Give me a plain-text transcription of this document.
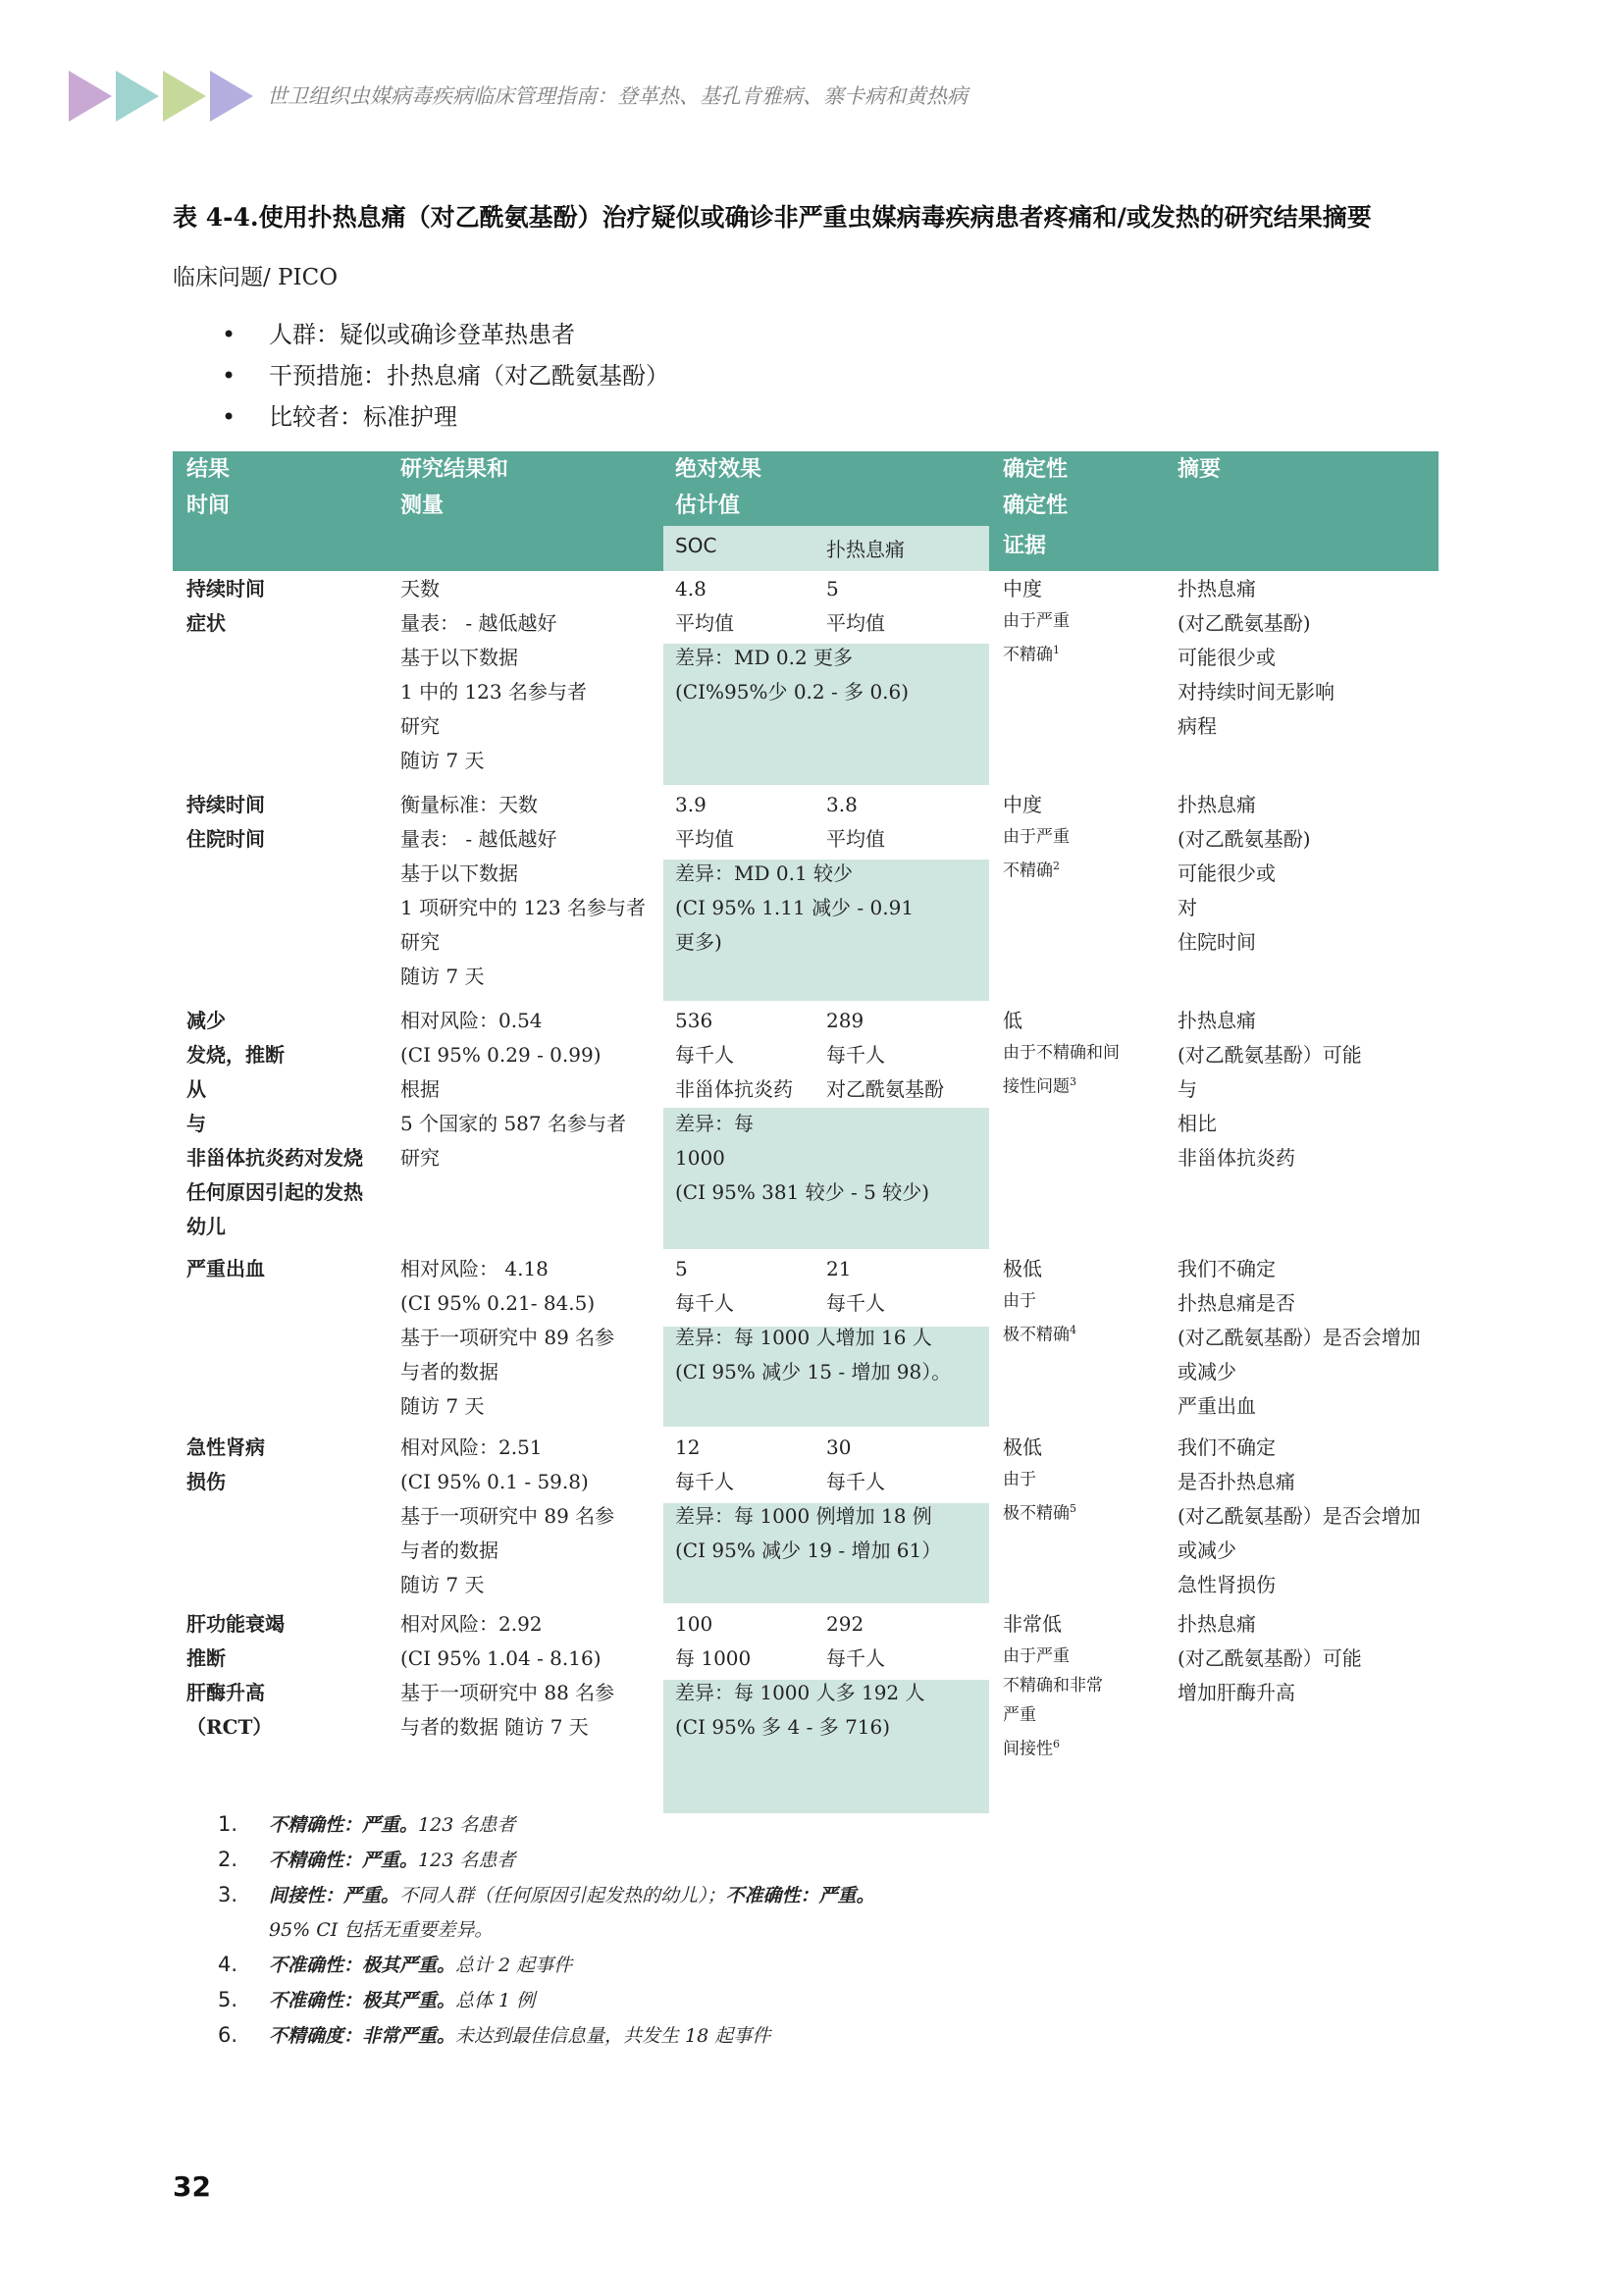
世卫组织虫媒病毒疾病临床管理指南：登革热、基孔肯雅病、寨卡病和黄热病
表 4-4.使用扑热息痛（对乙酰氨基酚）治疗疑似或确诊非严重虫媒病毒疾病患者疼痛和/或发热的研究结果摘要
临床问题/ PICO
• 人群：疑似或确诊登革热患者
• 干预措施：扑热息痛（对乙酰氨基酚）
• 比较者：标准护理
结果
时间
研究结果和
测量
绝对效果
估计值
确定性
确定性
证据
摘要
SOC	扑热息痛
持续时间
症状
天数
量表： - 越低越好
基于以下数据
1 中的 123 名参与者
研究
随访 7 天
扑热息痛
(对乙酰氨基酚)
可能很少或
对持续时间无影响
病程
4.8
平均值
差异：MD 0.2 更多
(CI%95%少 0.2 - 多 0.6)
5
平均值
中度
由于严重
不精确$^1$
持续时间
住院时间
衡量标准：天数
量表： - 越低越好
基于以下数据
1 项研究中的 123 名参与者
研究
随访 7 天
扑热息痛
(对乙酰氨基酚)
可能很少或
对
住院时间
3.9
平均值
差异：MD 0.1 较少
(CI 95% 1.11 减少 - 0.91
更多)
3.8
平均值
中度
由于严重
不精确$^2$
减少
发烧，推断
从
与
非甾体抗炎药对发烧
任何原因引起的发热
幼儿
相对风险：0.54
(CI 95% 0.29 - 0.99)
根据
5 个国家的 587 名参与者
研究
扑热息痛
(对乙酰氨基酚）可能
与
相比
非甾体抗炎药
536
每千人
非甾体抗炎药
差异：每
1000
(CI 95% 381 较少 - 5 较少)
289
每千人
对乙酰氨基酚
低
由于不精确和间
接性问题$^3$
严重出血	相对风险： 4.18
(CI 95% 0.21- 84.5)
基于一项研究中 89 名参
与者的数据
随访 7 天
我们不确定
扑热息痛是否
(对乙酰氨基酚）是否会增加
或减少
严重出血
5
每千人
差异：每 1000 人增加 16 人
(CI 95% 减少 15 - 增加 98）。
21
每千人
极低
由于
极不精确$^4$
急性肾病
损伤
相对风险：2.51
(CI 95% 0.1 - 59.8)
基于一项研究中 89 名参
与者的数据
随访 7 天
我们不确定
是否扑热息痛
(对乙酰氨基酚）是否会增加
或减少
急性肾损伤
12
每千人
差异：每 1000 例增加 18 例
(CI 95% 减少 19 - 增加 61）
30
每千人
极低
由于
极不精确$^5$
肝功能衰竭
推断
肝酶升高
（RCT）
相对风险：2.92
(CI 95% 1.04 - 8.16)
基于一项研究中 88 名参
与者的数据 随访 7 天
扑热息痛
(对乙酰氨基酚）可能
增加肝酶升高
100
每 1000
差异：每 1000 人多 192 人
(CI 95% 多 4 - 多 716)
292
每千人
非常低
由于严重
不精确和非常
严重
间接性$^6$
1. 不精确性：严重。123 名患者
2. 不精确性：严重。123 名患者
3. 间接性：严重。不同人群（任何原因引起发热的幼儿）；不准确性：严重。
95% CI 包括无重要差异。
4. 不准确性：极其严重。总计 2 起事件
5. 不准确性：极其严重。总体 1 例
6. 不精确度：非常严重。未达到最佳信息量，共发生 18 起事件
32
